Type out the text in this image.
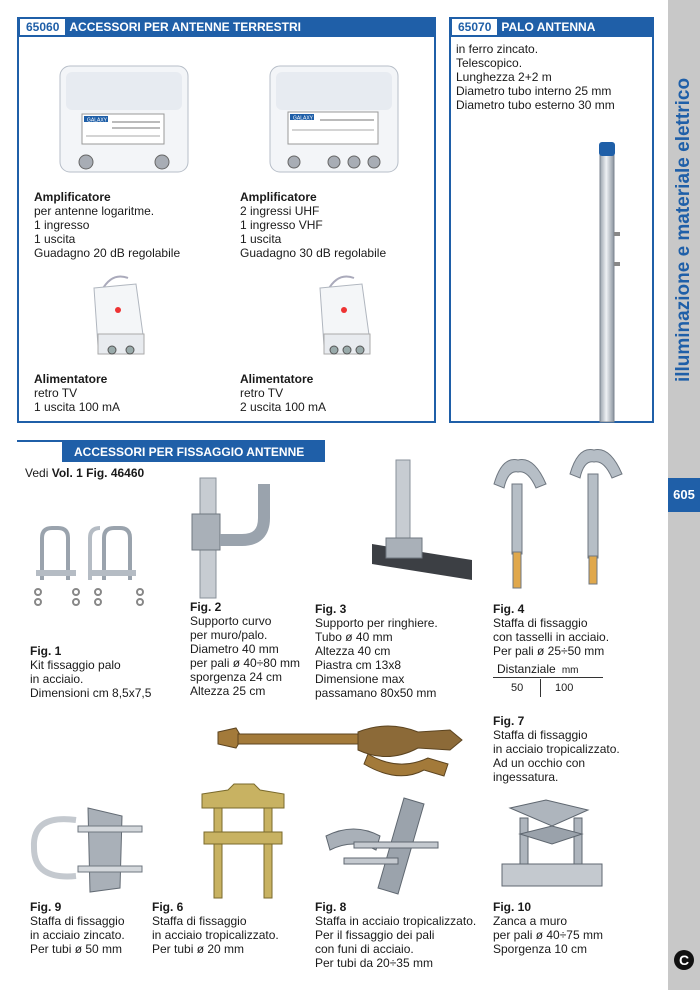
illuminazione e materiale elettrico
605
C
65060 ACCESSORI PER ANTENNE TERRESTRI
GALAXY	GALAXY
Amplificatore
per antenne logaritme.
1 ingresso
1 uscita
Guadagno 20 dB regolabile
Amplificatore
2 ingressi UHF
1 ingresso VHF
1 uscita
Guadagno 30 dB regolabile
Alimentatore
retro TV
1 uscita 100 mA
Alimentatore
retro TV
2 uscita 100 mA
65070 PALO ANTENNA
in ferro zincato.
Telescopico.
Lunghezza 2+2 m
Diametro tubo interno 25 mm
Diametro tubo esterno 30 mm
ACCESSORI PER FISSAGGIO ANTENNE
Vedi Vol. 1 Fig. 46460
Fig. 1
Kit fissaggio palo
in acciaio.
Dimensioni cm 8,5x7,5
Fig. 2
Supporto curvo
per muro/palo.
Diametro 40 mm
per pali ø 40÷80 mm
sporgenza 24 cm
Altezza 25 cm
Fig. 3
Supporto per ringhiere.
Tubo ø 40 mm
Altezza 40 cm
Piastra cm 13x8
Dimensione max
passamano 80x50 mm
Fig. 4
Staffa di fissaggio
con tasselli in acciaio.
Per pali ø 25÷50 mm
Distanziale mm
50	100
Fig. 7
Staffa di fissaggio
in acciaio tropicalizzato.
Ad un occhio con
ingessatura.
Fig. 9
Staffa di fissaggio
in acciaio zincato.
Per tubi ø 50 mm
Fig. 6
Staffa di fissaggio
in acciaio tropicalizzato.
Per tubi ø 20 mm
Fig. 8
Staffa in acciaio tropicalizzato.
Per il fissaggio dei pali
con funi di acciaio.
Per tubi da 20÷35 mm
Fig. 10
Zanca a muro
per pali ø 40÷75 mm
Sporgenza 10 cm
